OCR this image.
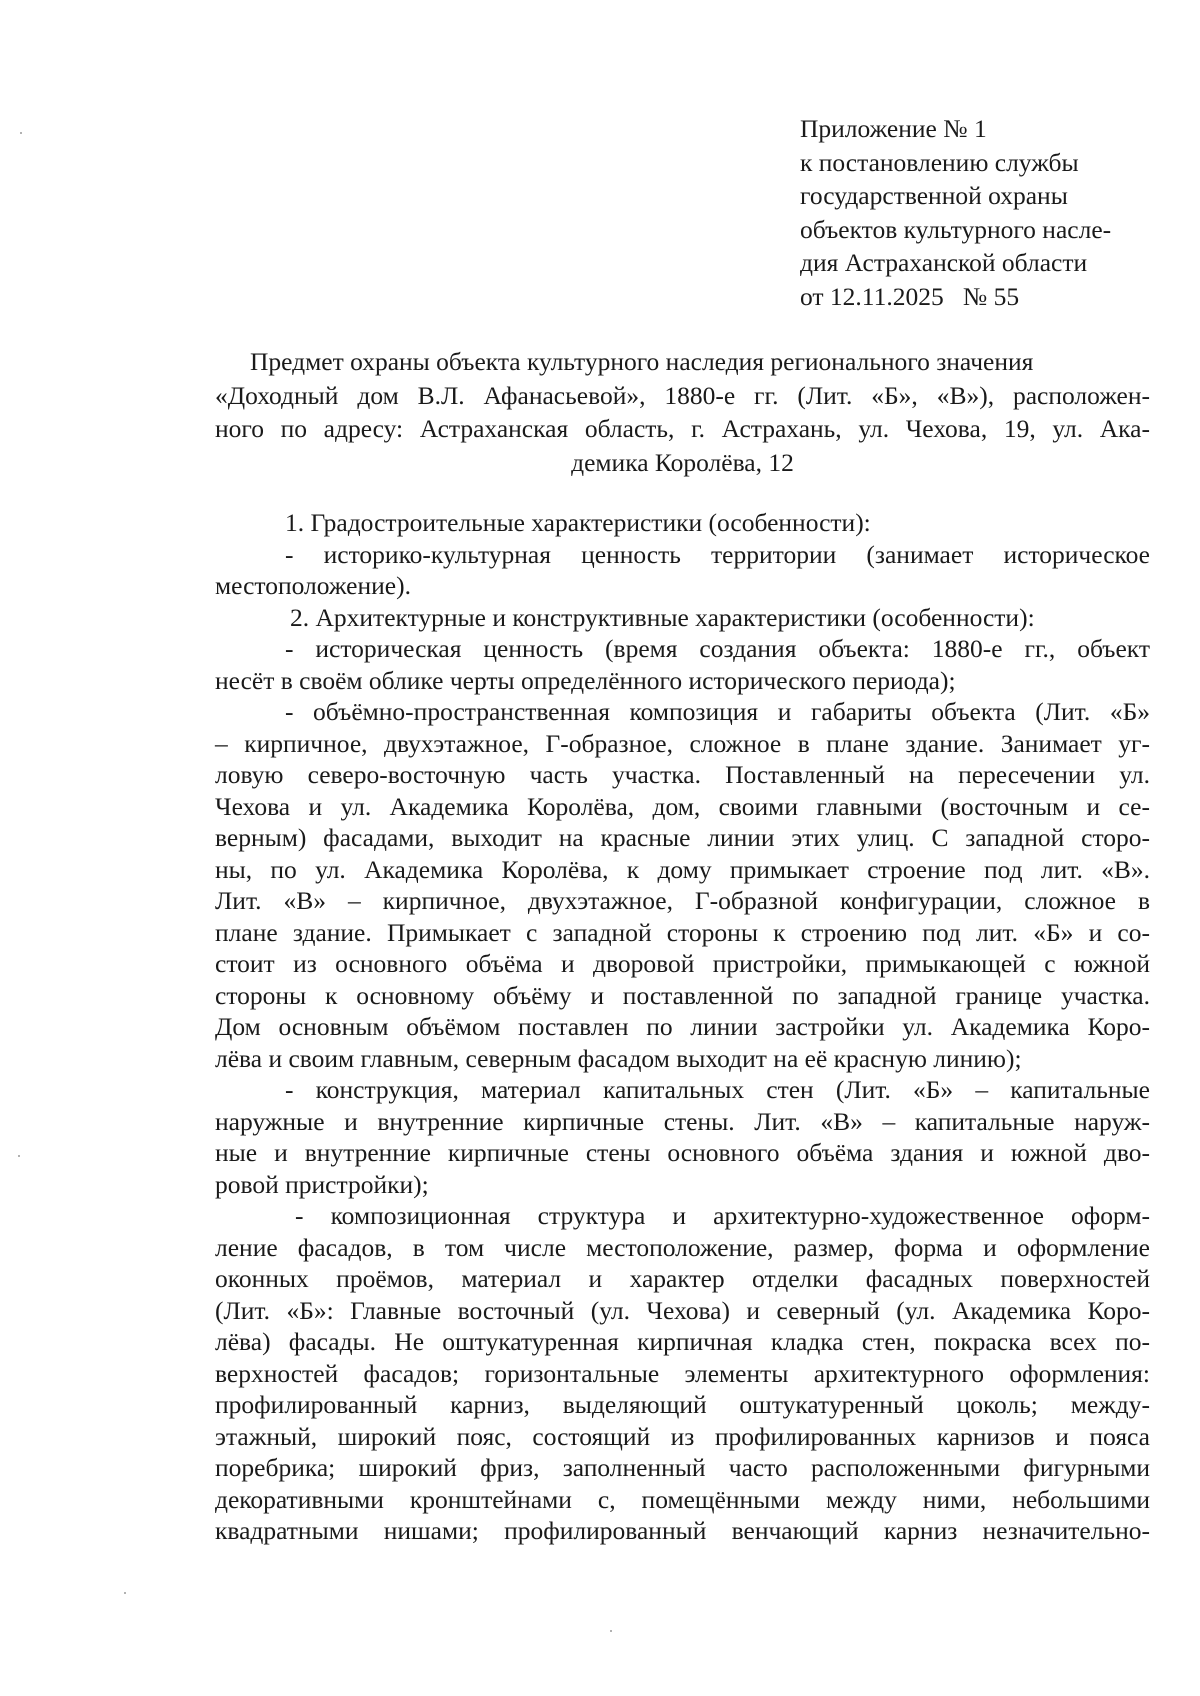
Приложение № 1
к постановлению службы
государственной охраны
объектов культурного насле-
дия Астраханской области
от 12.11.2025   № 55
Предмет охраны объекта культурного наследия регионального значения
«Доходный дом В.Л. Афанасьевой», 1880-е гг. (Лит. «Б», «В»), расположен-
ного по адресу: Астраханская область, г. Астрахань, ул. Чехова, 19, ул. Ака-
демика Королёва, 12
1. Градостроительные характеристики (особенности):
- историко-культурная ценность территории (занимает историческое
местоположение).
2. Архитектурные и конструктивные характеристики (особенности):
- историческая ценность (время создания объекта: 1880-е гг., объект
несёт в своём облике черты определённого исторического периода);
- объёмно-пространственная композиция и габариты объекта (Лит. «Б»
– кирпичное, двухэтажное, Г-образное, сложное в плане здание. Занимает уг-
ловую северо-восточную часть участка. Поставленный на пересечении ул.
Чехова и ул. Академика Королёва, дом, своими главными (восточным и се-
верным) фасадами, выходит на красные линии этих улиц. С западной сторо-
ны, по ул. Академика Королёва, к дому примыкает строение под лит. «В».
Лит. «В» – кирпичное, двухэтажное, Г-образной конфигурации, сложное в
плане здание. Примыкает с западной стороны к строению под лит. «Б» и со-
стоит из основного объёма и дворовой пристройки, примыкающей с южной
стороны к основному объёму и поставленной по западной границе участка.
Дом основным объёмом поставлен по линии застройки ул. Академика Коро-
лёва и своим главным, северным фасадом выходит на её красную линию);
- конструкция, материал капитальных стен (Лит. «Б» – капитальные
наружные и внутренние кирпичные стены. Лит. «В» – капитальные наруж-
ные и внутренние кирпичные стены основного объёма здания и южной дво-
ровой пристройки);
- композиционная структура и архитектурно-художественное оформ-
ление фасадов, в том числе местоположение, размер, форма и оформление
оконных проёмов, материал и характер отделки фасадных поверхностей
(Лит. «Б»: Главные восточный (ул. Чехова) и северный (ул. Академика Коро-
лёва) фасады. Не оштукатуренная кирпичная кладка стен, покраска всех по-
верхностей фасадов; горизонтальные элементы архитектурного оформления:
профилированный карниз, выделяющий оштукатуренный цоколь; между-
этажный, широкий пояс, состоящий из профилированных карнизов и пояса
поребрика; широкий фриз, заполненный часто расположенными фигурными
декоративными кронштейнами с, помещёнными между ними, небольшими
квадратными нишами; профилированный венчающий карниз незначительно-
